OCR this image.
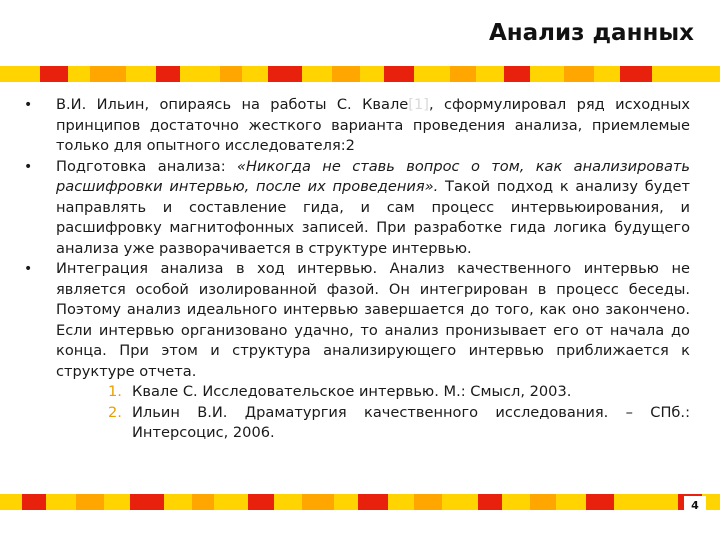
Анализ данных
• В.И. Ильин, опираясь на работы С. Квале[1], сформулировал ряд исходных принципов достаточно жесткого варианта проведения анализа, приемлемые только для опытного исследователя:2
• Подготовка анализа: «Никогда не ставь вопрос о том, как анализировать расшифровки интервью, после их проведения». Такой подход к анализу будет направлять и составление гида, и сам процесс интервьюирования, и расшифровку магнитофонных записей. При разработке гида логика будущего анализа уже разворачивается в структуре интервью.
• Интеграция анализа в ход интервью. Анализ качественного интервью не является особой изолированной фазой. Он интегрирован в процесс беседы. Поэтому анализ идеального интервью завершается до того, как оно закончено. Если интервью организовано удачно, то анализ пронизывает его от начала до конца. При этом и структура анализирующего интервью приближается к структуре отчета.
1. Квале С. Исследовательское интервью. М.: Смысл, 2003.
2. Ильин В.И. Драматургия качественного исследования. – СПб.: Интерсоцис, 2006.
4
